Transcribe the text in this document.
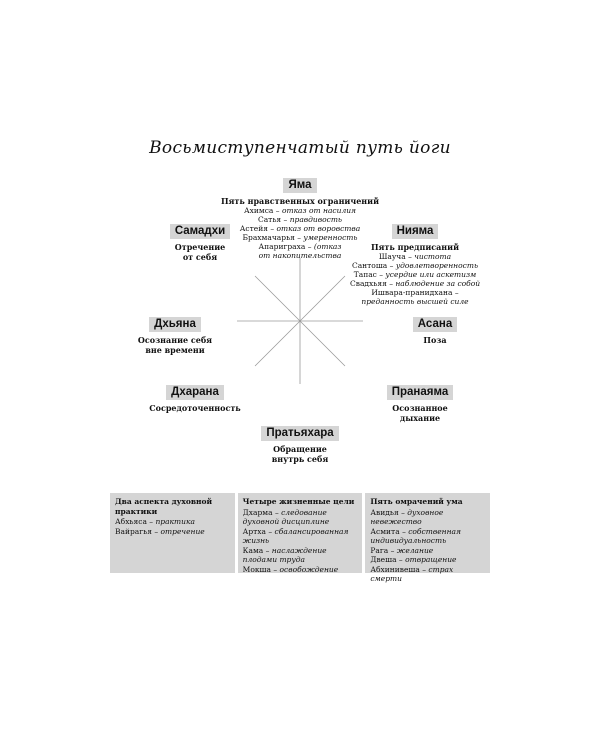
Восьмиступенчатый путь йоги
Яма
Пять нравственных ограничений
Ахимса – отказ от насилия
Сатья – правдивость
Астейя – отказ от воровства
Брахмачарья – умеренность
Апариграха – (отказ
от накопительства
Нияма
Пять предписаний
Шауча – чистота
Сантоша – удовлетворенность
Тапас – усердие или аскетизм
Свадхьяя – наблюдение за собой
Ишвара-пранидхана –
преданность высшей силе
Самадхи
Отречение
от себя
Асана
Поза
Дхьяна
Осознание себя
вне времени
Пранаяма
Осознанное
дыхание
Дхарана
Сосредоточенность
Пратьяхара
Обращение
внутрь себя
Два аспекта духовной практики
Абхьяса – практика
Вайрагья – отречение
Четыре жизненные цели
Дхарма – следование духовной дисциплине
Артха – сбалансированная жизнь
Кама – наслаждение плодами труда
Мокша – освобождение
Пять омрачений ума
Авидья – духовное невежество
Асмита – собственная индивидуальность
Рага – желание
Двеша – отвращение
Абхинивеша – страх смерти
